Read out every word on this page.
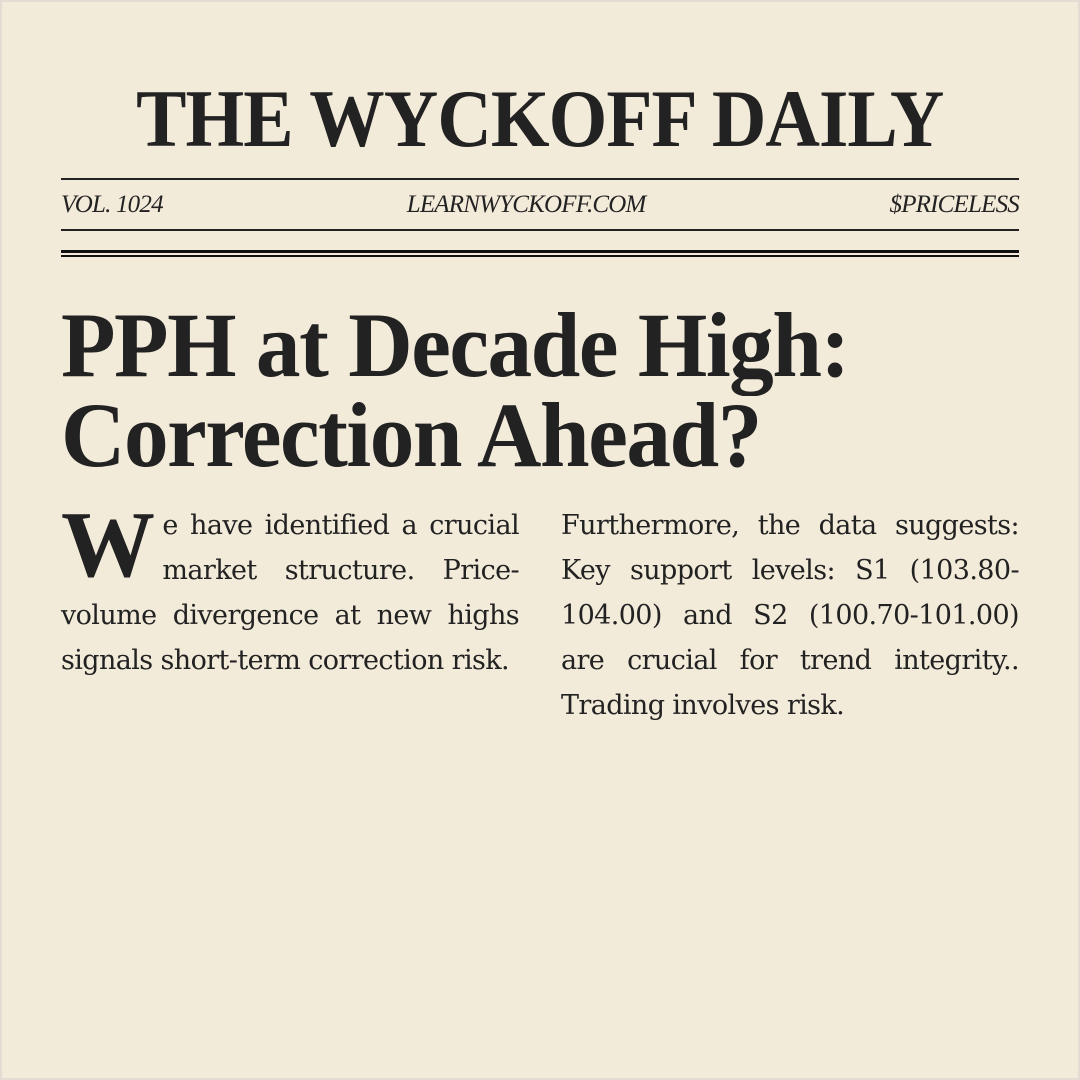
THE WYCKOFF DAILY
VOL. 1024	LEARNWYCKOFF.COM	$PRICELESS
PPH at Decade High:
Correction Ahead?

We have identified a crucial market structure. Price-volume divergence at new highs signals short-term correction risk.

Furthermore, the data suggests: Key support levels: S1 (103.80-104.00) and S2 (100.70-101.00) are crucial for trend integrity.. Trading involves risk.
